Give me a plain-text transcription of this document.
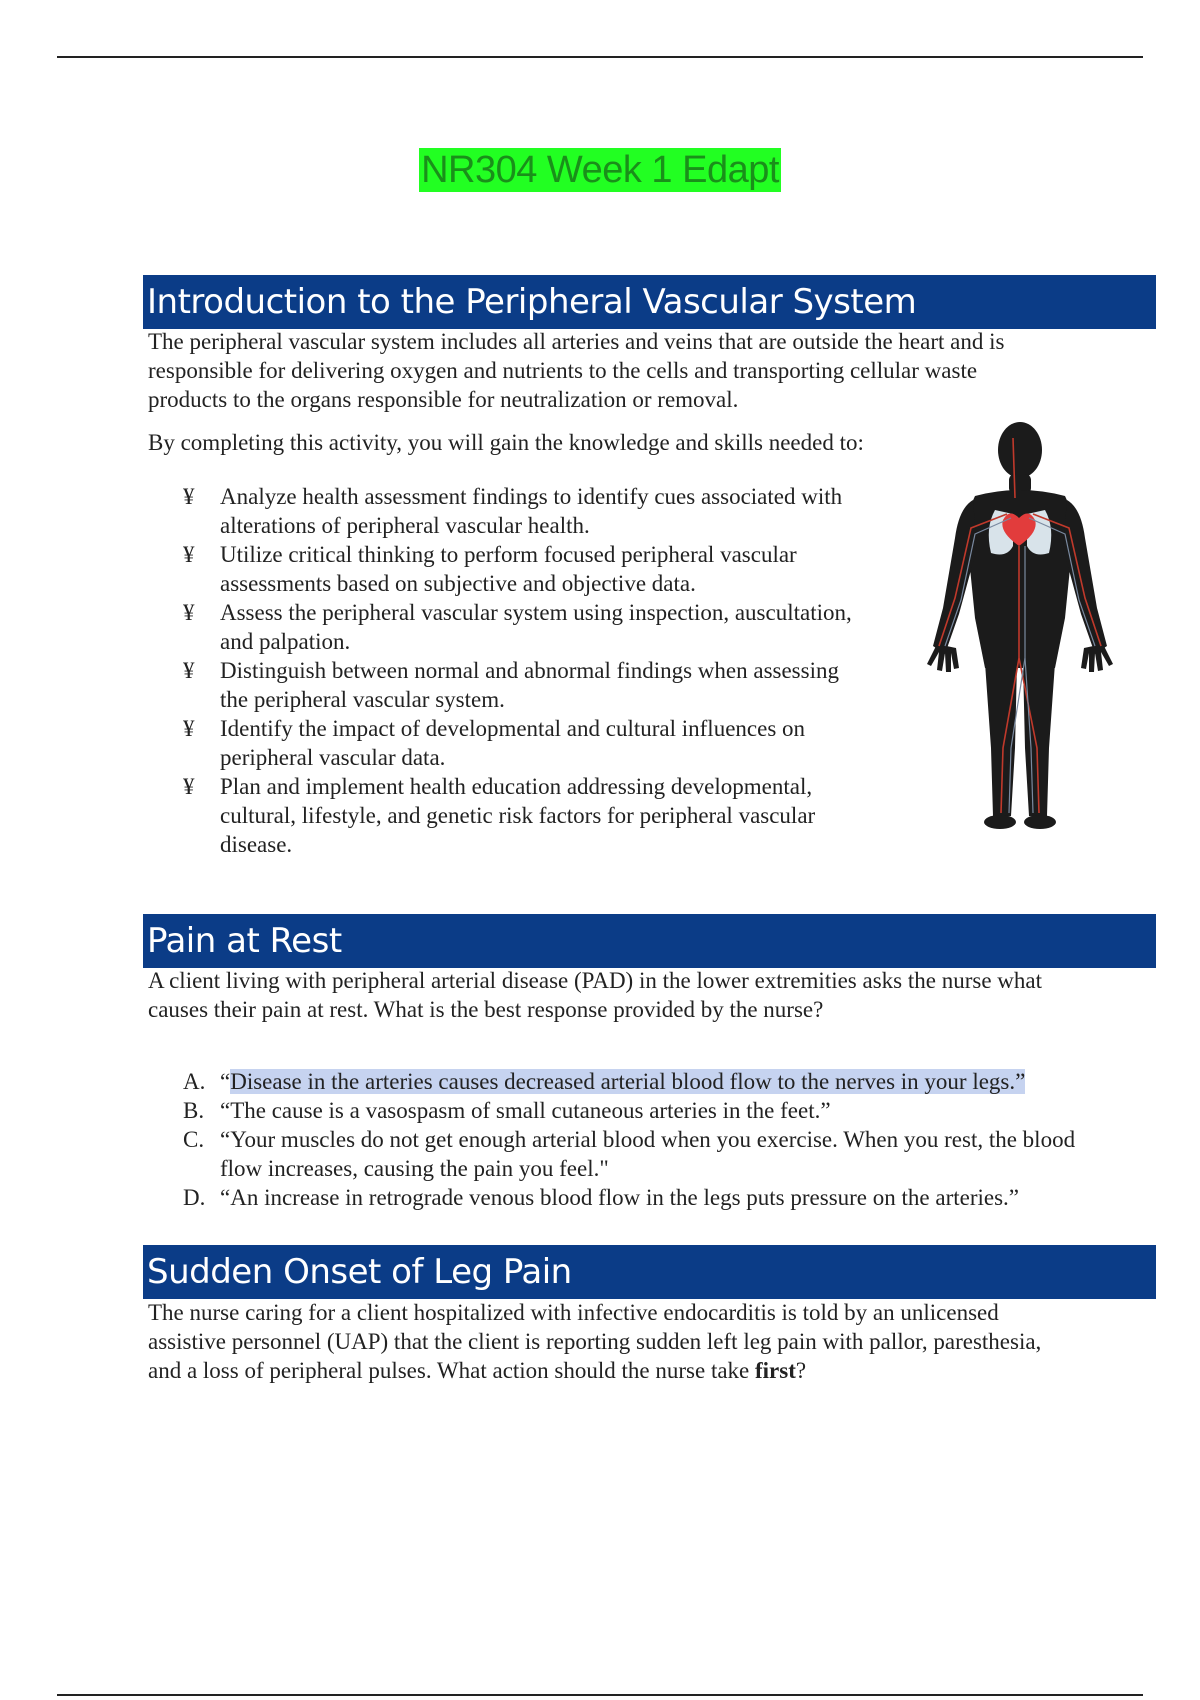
NR304 Week 1 Edapt
Introduction to the Peripheral Vascular System

The peripheral vascular system includes all arteries and veins that are outside the heart and is
responsible for delivering oxygen and nutrients to the cells and transporting cellular waste
products to the organs responsible for neutralization or removal.

By completing this activity, you will gain the knowledge and skills needed to:

¥ Analyze health assessment findings to identify cues associated with
alterations of peripheral vascular health.
¥ Utilize critical thinking to perform focused peripheral vascular
assessments based on subjective and objective data.
¥ Assess the peripheral vascular system using inspection, auscultation,
and palpation.
¥ Distinguish between normal and abnormal findings when assessing
the peripheral vascular system.
¥ Identify the impact of developmental and cultural influences on
peripheral vascular data.
¥ Plan and implement health education addressing developmental,
cultural, lifestyle, and genetic risk factors for peripheral vascular
disease.
Pain at Rest

A client living with peripheral arterial disease (PAD) in the lower extremities asks the nurse what
causes their pain at rest. What is the best response provided by the nurse?

A. “Disease in the arteries causes decreased arterial blood flow to the nerves in your legs.”
B. “The cause is a vasospasm of small cutaneous arteries in the feet.”
C. “Your muscles do not get enough arterial blood when you exercise. When you rest, the blood
flow increases, causing the pain you feel."
D. “An increase in retrograde venous blood flow in the legs puts pressure on the arteries.”
Sudden Onset of Leg Pain

The nurse caring for a client hospitalized with infective endocarditis is told by an unlicensed
assistive personnel (UAP) that the client is reporting sudden left leg pain with pallor, paresthesia,
and a loss of peripheral pulses. What action should the nurse take first?
